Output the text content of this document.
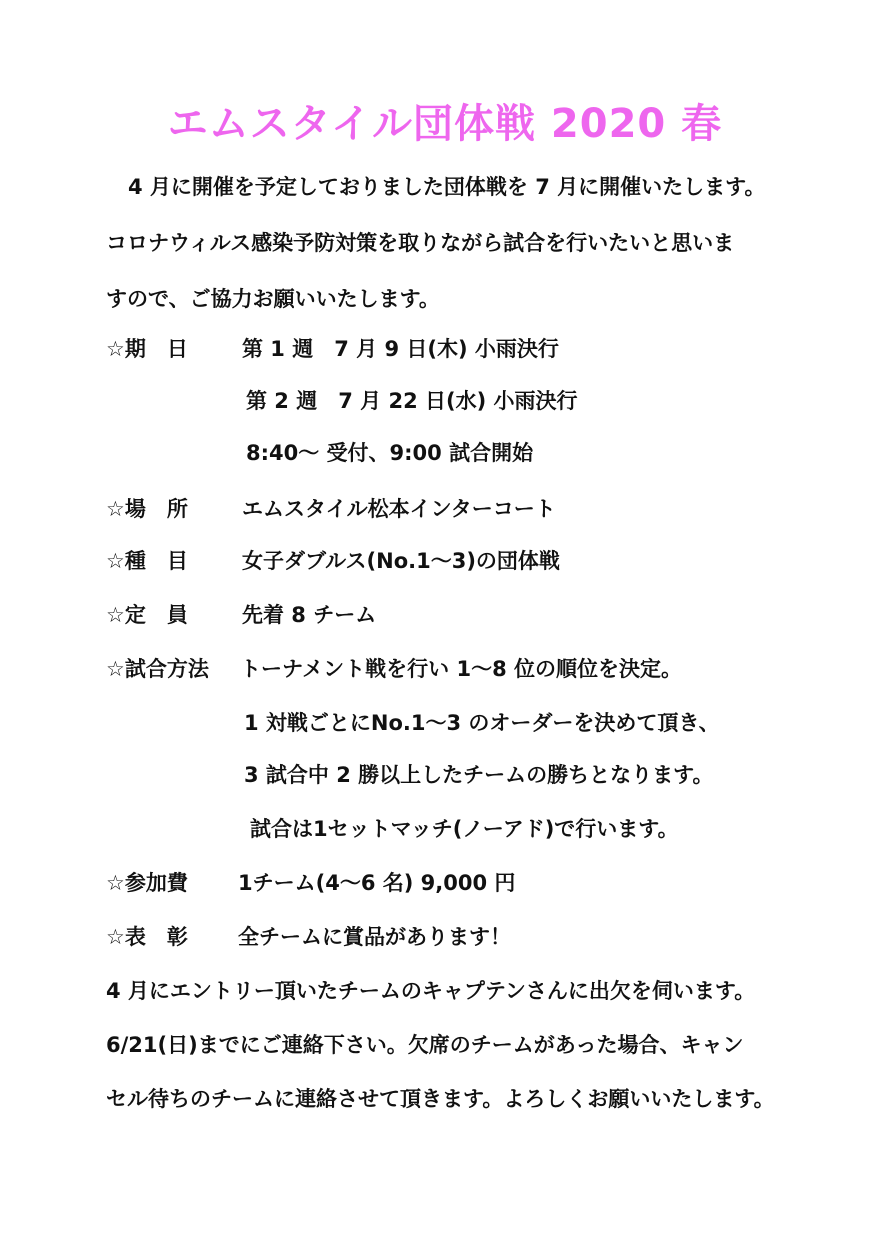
エムスタイル団体戦 2020 春
4 月に開催を予定しておりました団体戦を 7 月に開催いたします。
コロナウィルス感染予防対策を取りながら試合を行いたいと思いま
すので、ご協力お願いいたします。
☆期　日	第 1 週　7 月 9 日(木) 小雨決行
第 2 週　7 月 22 日(水) 小雨決行
8:40～ 受付、9:00 試合開始
☆場　所	エムスタイル松本インターコート
☆種　目	女子ダブルス(No.1～3)の団体戦
☆定　員	先着 8 チーム
☆試合方法 トーナメント戦を行い 1～8 位の順位を決定。
1 対戦ごとにNo.1～3 のオーダーを決めて頂き、
3 試合中 2 勝以上したチームの勝ちとなります。
試合は1セットマッチ(ノーアド)で行います。
☆参加費 1チーム(4～6 名) 9,000 円
☆表　彰 全チームに賞品があります！
4 月にエントリー頂いたチームのキャプテンさんに出欠を伺います。
6/21(日)までにご連絡下さい。欠席のチームがあった場合、キャン
セル待ちのチームに連絡させて頂きます。よろしくお願いいたします。
